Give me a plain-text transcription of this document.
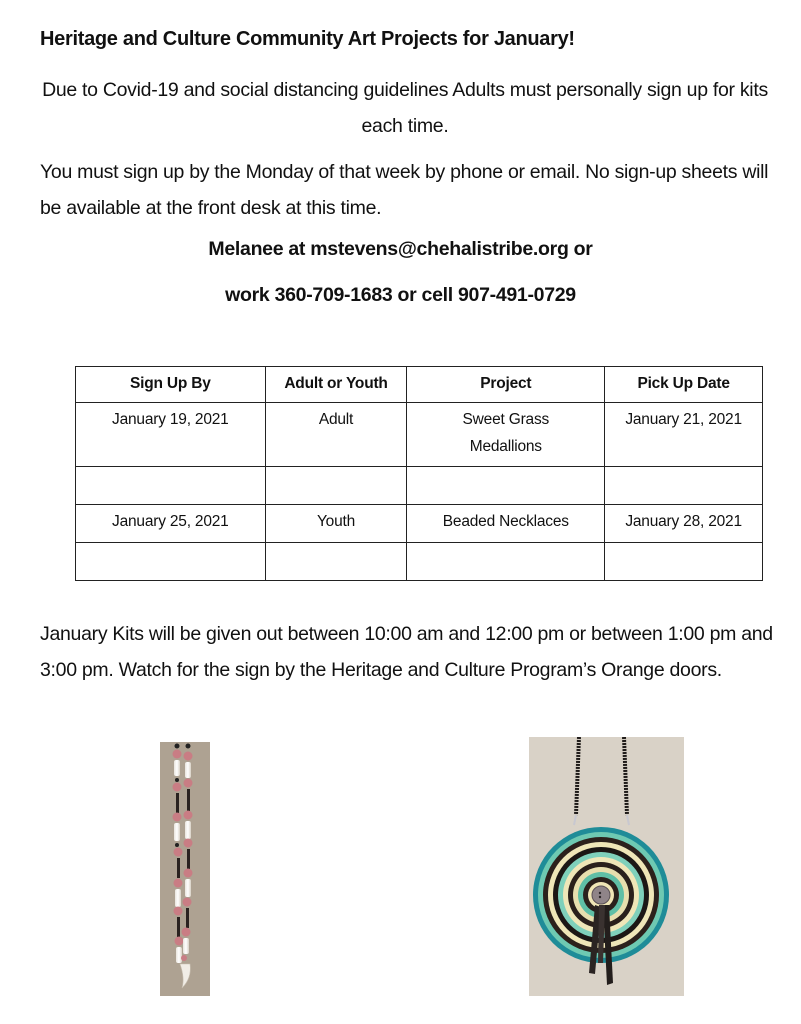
Heritage and Culture Community Art Projects for January!
Due to Covid-19 and social distancing guidelines Adults must personally sign up for kits each time.
You must sign up by the Monday of that week by phone or email. No sign-up sheets will be available at the front desk at this time.
Melanee at mstevens@chehalistribe.org or
work 360-709-1683 or cell 907-491-0729
Sign Up By	Adult or Youth	Project	Pick Up Date
January 19, 2021	Adult	Sweet Grass Medallions	January 21, 2021

January 25, 2021	Youth	Beaded Necklaces	January 28, 2021

January Kits will be given out between 10:00 am and 12:00 pm or between 1:00 pm and 3:00 pm. Watch for the sign by the Heritage and Culture Program’s Orange doors.
